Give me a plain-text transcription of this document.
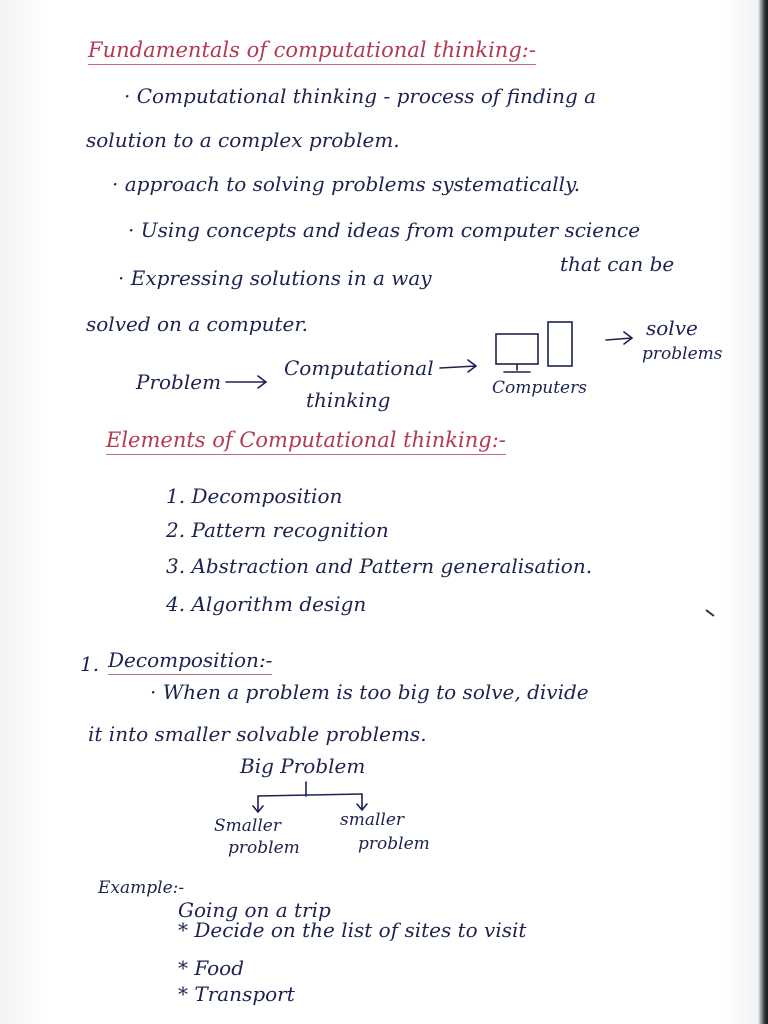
Fundamentals of computational thinking:-
· Computational thinking - process of finding a
solution to a complex problem.
· approach to solving problems systematically.
· Using concepts and ideas from computer science
· Expressing solutions in a way
that can be
solved on a computer.
Problem
Computational
thinking	Computers
solve
problems
Elements of Computational thinking:-
1. Decomposition
2. Pattern recognition
3. Abstraction and Pattern generalisation.
4. Algorithm design
1. Decomposition:-
· When a problem is too big to solve, divide
it into smaller solvable problems.
Big Problem
Smaller
problem
smaller
problem
Example:-
Going on a trip
* Decide on the list of sites to visit
* Food
* Transport
